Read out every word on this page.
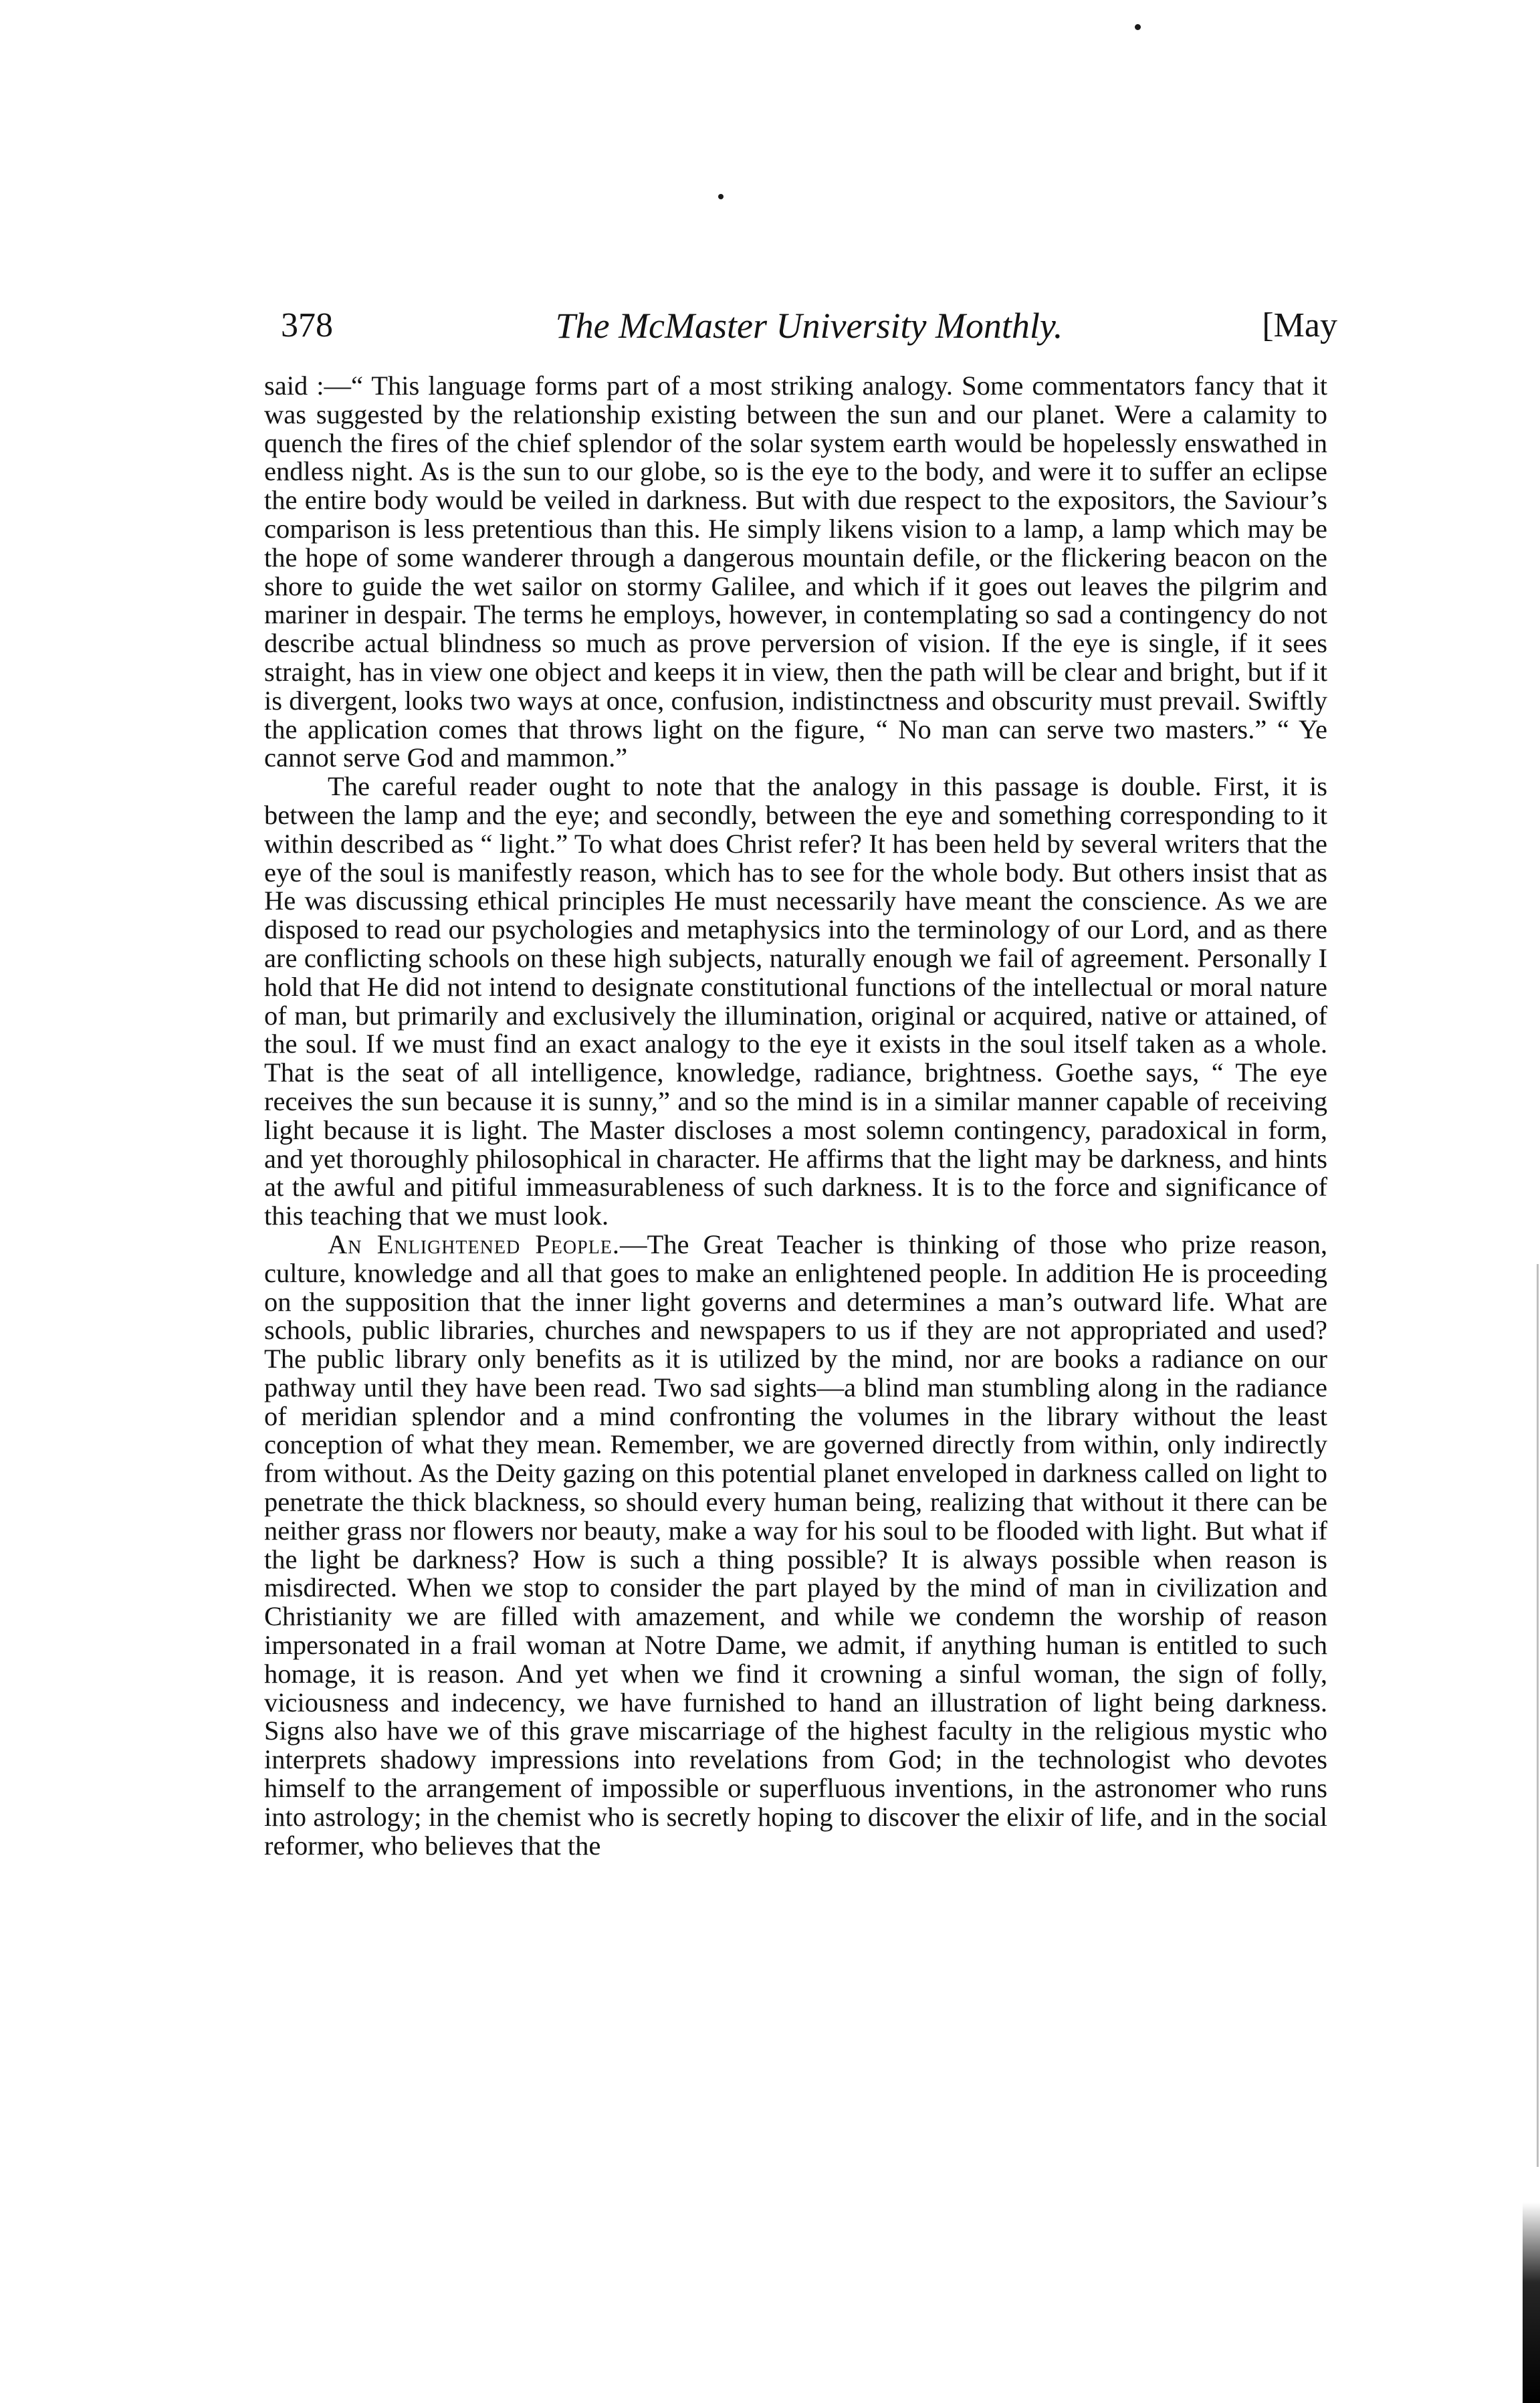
378	The McMaster University Monthly.	[May

said :—“ This language forms part of a most striking analogy. Some commentators fancy that it was suggested by the relationship existing between the sun and our planet. Were a calamity to quench the fires of the chief splendor of the solar system earth would be hopelessly enswathed in endless night. As is the sun to our globe, so is the eye to the body, and were it to suffer an eclipse the entire body would be veiled in darkness. But with due respect to the expositors, the Saviour’s comparison is less pretentious than this. He simply likens vision to a lamp, a lamp which may be the hope of some wanderer through a dangerous mountain defile, or the flickering beacon on the shore to guide the wet sailor on stormy Galilee, and which if it goes out leaves the pilgrim and mariner in despair. The terms he employs, however, in contemplating so sad a contingency do not describe actual blindness so much as prove perversion of vision. If the eye is single, if it sees straight, has in view one object and keeps it in view, then the path will be clear and bright, but if it is divergent, looks two ways at once, confusion, indistinctness and obscurity must prevail. Swiftly the application comes that throws light on the figure, “ No man can serve two masters.” “ Ye cannot serve God and mammon.”

The careful reader ought to note that the analogy in this passage is double. First, it is between the lamp and the eye; and secondly, between the eye and something corresponding to it within described as “ light.” To what does Christ refer? It has been held by several writers that the eye of the soul is manifestly reason, which has to see for the whole body. But others insist that as He was discussing ethical principles He must necessarily have meant the conscience. As we are disposed to read our psychologies and metaphysics into the terminology of our Lord, and as there are conflicting schools on these high subjects, naturally enough we fail of agreement. Personally I hold that He did not intend to designate constitutional functions of the intellectual or moral nature of man, but primarily and exclusively the illumination, original or acquired, native or attained, of the soul. If we must find an exact analogy to the eye it exists in the soul itself taken as a whole. That is the seat of all intelligence, knowledge, radiance, brightness. Goethe says, “ The eye receives the sun because it is sunny,” and so the mind is in a similar manner capable of receiving light because it is light. The Master discloses a most solemn contingency, paradoxical in form, and yet thoroughly philosophical in character. He affirms that the light may be darkness, and hints at the awful and pitiful immeasurableness of such darkness. It is to the force and significance of this teaching that we must look.

An Enlightened People.—The Great Teacher is thinking of those who prize reason, culture, knowledge and all that goes to make an enlightened people. In addition He is proceeding on the supposition that the inner light governs and determines a man’s outward life. What are schools, public libraries, churches and newspapers to us if they are not appropriated and used? The public library only benefits as it is utilized by the mind, nor are books a radiance on our pathway until they have been read. Two sad sights—a blind man stumbling along in the radiance of meridian splendor and a mind confronting the volumes in the library without the least conception of what they mean. Remember, we are governed directly from within, only indirectly from without. As the Deity gazing on this potential planet enveloped in darkness called on light to penetrate the thick blackness, so should every human being, realizing that without it there can be neither grass nor flowers nor beauty, make a way for his soul to be flooded with light. But what if the light be darkness? How is such a thing possible? It is always possible when reason is misdirected. When we stop to consider the part played by the mind of man in civilization and Christianity we are filled with amazement, and while we condemn the worship of reason impersonated in a frail woman at Notre Dame, we admit, if anything human is entitled to such homage, it is reason. And yet when we find it crowning a sinful woman, the sign of folly, viciousness and indecency, we have furnished to hand an illustration of light being darkness. Signs also have we of this grave miscarriage of the highest faculty in the religious mystic who interprets shadowy impressions into revelations from God; in the technologist who devotes himself to the arrangement of impossible or superfluous inventions, in the astronomer who runs into astrology; in the chemist who is secretly hoping to discover the elixir of life, and in the social reformer, who believes that the
